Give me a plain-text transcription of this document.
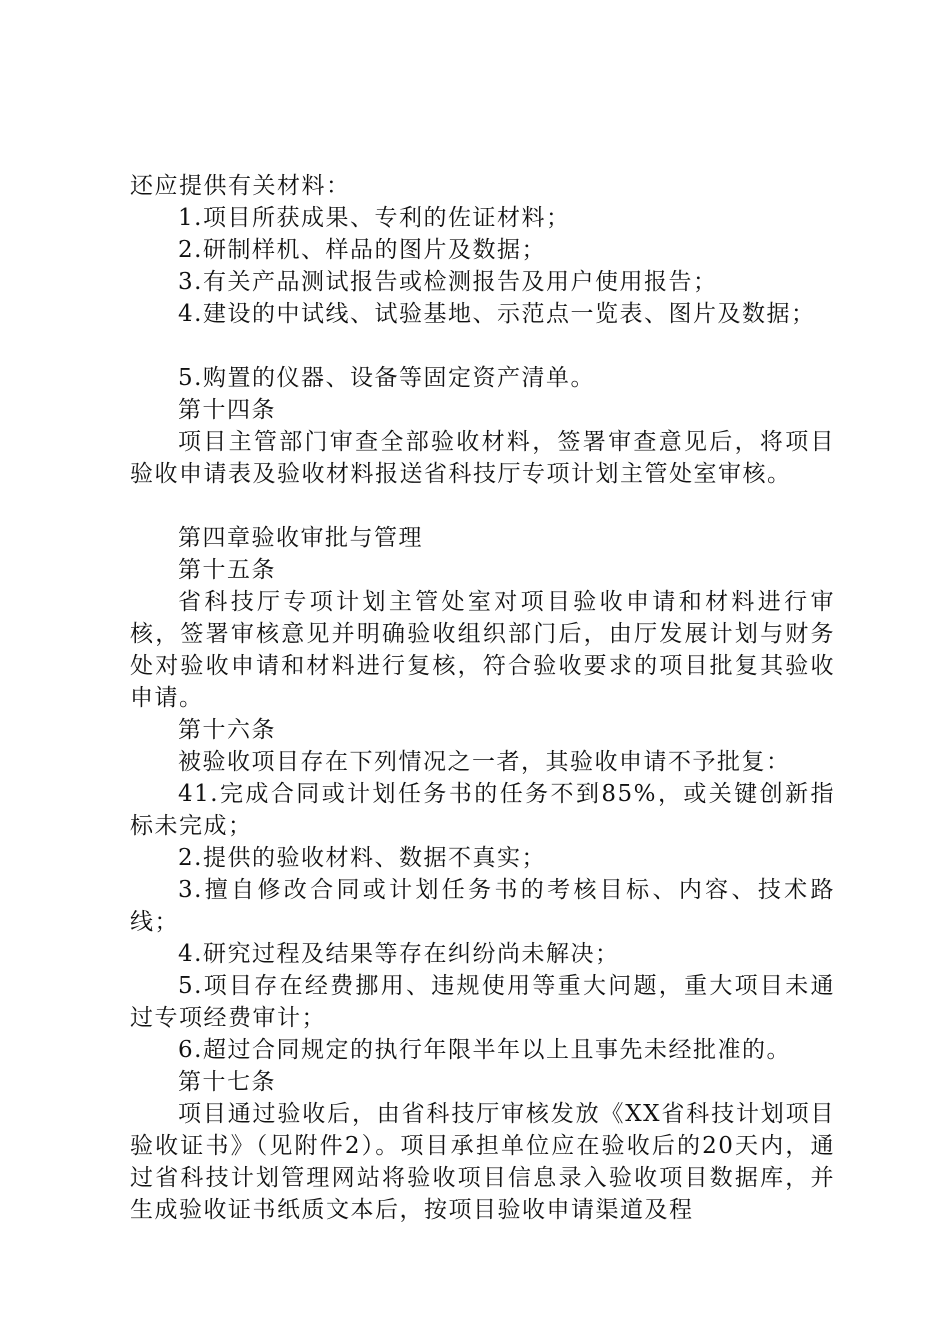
还应提供有关材料：

1.项目所获成果、专利的佐证材料；

2.研制样机、样品的图片及数据；

3.有关产品测试报告或检测报告及用户使用报告；

4.建设的中试线、试验基地、示范点一览表、图片及数据；

5.购置的仪器、设备等固定资产清单。

第十四条

项目主管部门审查全部验收材料，签署审查意见后，将项目验收申请表及验收材料报送省科技厅专项计划主管处室审核。

第四章验收审批与管理

第十五条

省科技厅专项计划主管处室对项目验收申请和材料进行审核，签署审核意见并明确验收组织部门后，由厅发展计划与财务处对验收申请和材料进行复核，符合验收要求的项目批复其验收申请。

第十六条

被验收项目存在下列情况之一者，其验收申请不予批复：

41.完成合同或计划任务书的任务不到85%，或关键创新指标未完成；

2.提供的验收材料、数据不真实；

3.擅自修改合同或计划任务书的考核目标、内容、技术路线；

4.研究过程及结果等存在纠纷尚未解决；

5.项目存在经费挪用、违规使用等重大问题，重大项目未通过专项经费审计；

6.超过合同规定的执行年限半年以上且事先未经批准的。

第十七条

项目通过验收后，由省科技厅审核发放《XX省科技计划项目验收证书》（见附件2）。项目承担单位应在验收后的20天内，通过省科技计划管理网站将验收项目信息录入验收项目数据库，并生成验收证书纸质文本后，按项目验收申请渠道及程
